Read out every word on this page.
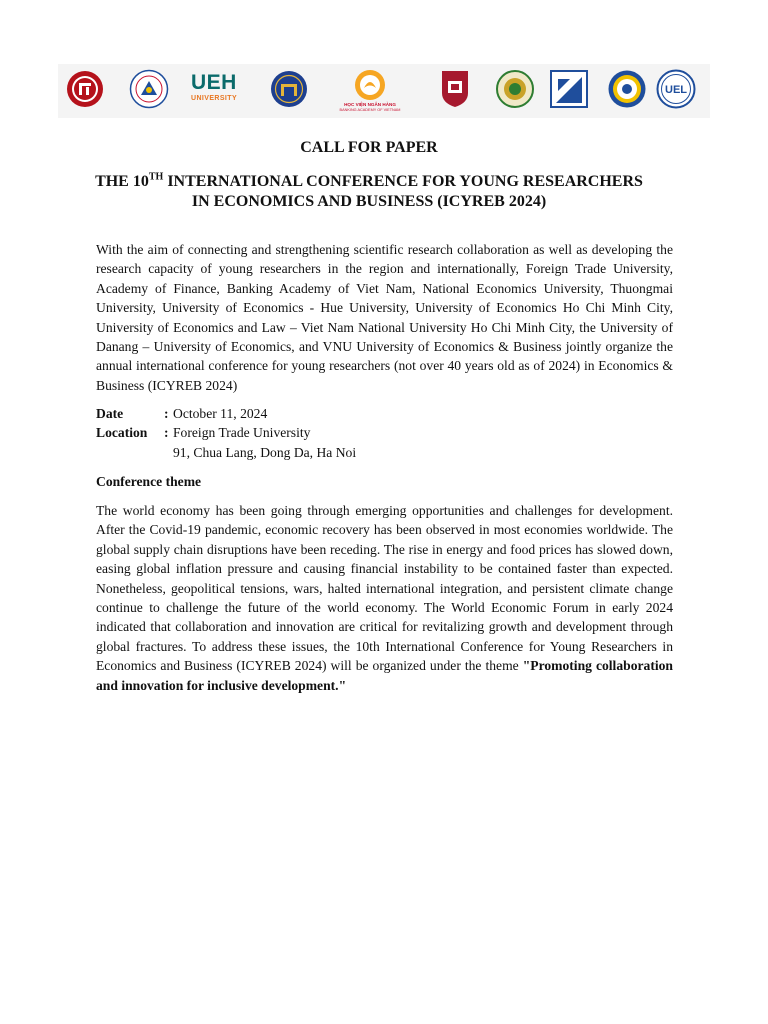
UEH
UNIVERSITY
HỌC VIỆN NGÂN HÀNG
BANKING ACADEMY OF VIETNAM
UEL
CALL FOR PAPER
THE 10TH INTERNATIONAL CONFERENCE FOR YOUNG RESEARCHERS
IN ECONOMICS AND BUSINESS (ICYREB 2024)
With the aim of connecting and strengthening scientific research collaboration as well as developing the research capacity of young researchers in the region and internationally, Foreign Trade University, Academy of Finance, Banking Academy of Viet Nam, National Economics University, Thuongmai University, University of Economics - Hue University, University of Economics Ho Chi Minh City, University of Economics and Law – Viet Nam National University Ho Chi Minh City, the University of Danang – University of Economics, and VNU University of Economics & Business jointly organize the annual international conference for young researchers (not over 40 years old as of 2024) in Economics & Business (ICYREB 2024)
Date	: October 11, 2024
Location : Foreign Trade University
91, Chua Lang, Dong Da, Ha Noi
Conference theme
The world economy has been going through emerging opportunities and challenges for development. After the Covid-19 pandemic, economic recovery has been observed in most economies worldwide. The global supply chain disruptions have been receding. The rise in energy and food prices has slowed down, easing global inflation pressure and causing financial instability to be contained faster than expected. Nonetheless, geopolitical tensions, wars, halted international integration, and persistent climate change continue to challenge the future of the world economy. The World Economic Forum in early 2024 indicated that collaboration and innovation are critical for revitalizing growth and development through global fractures. To address these issues, the 10th International Conference for Young Researchers in Economics and Business (ICYREB 2024) will be organized under the theme "Promoting collaboration and innovation for inclusive development."
